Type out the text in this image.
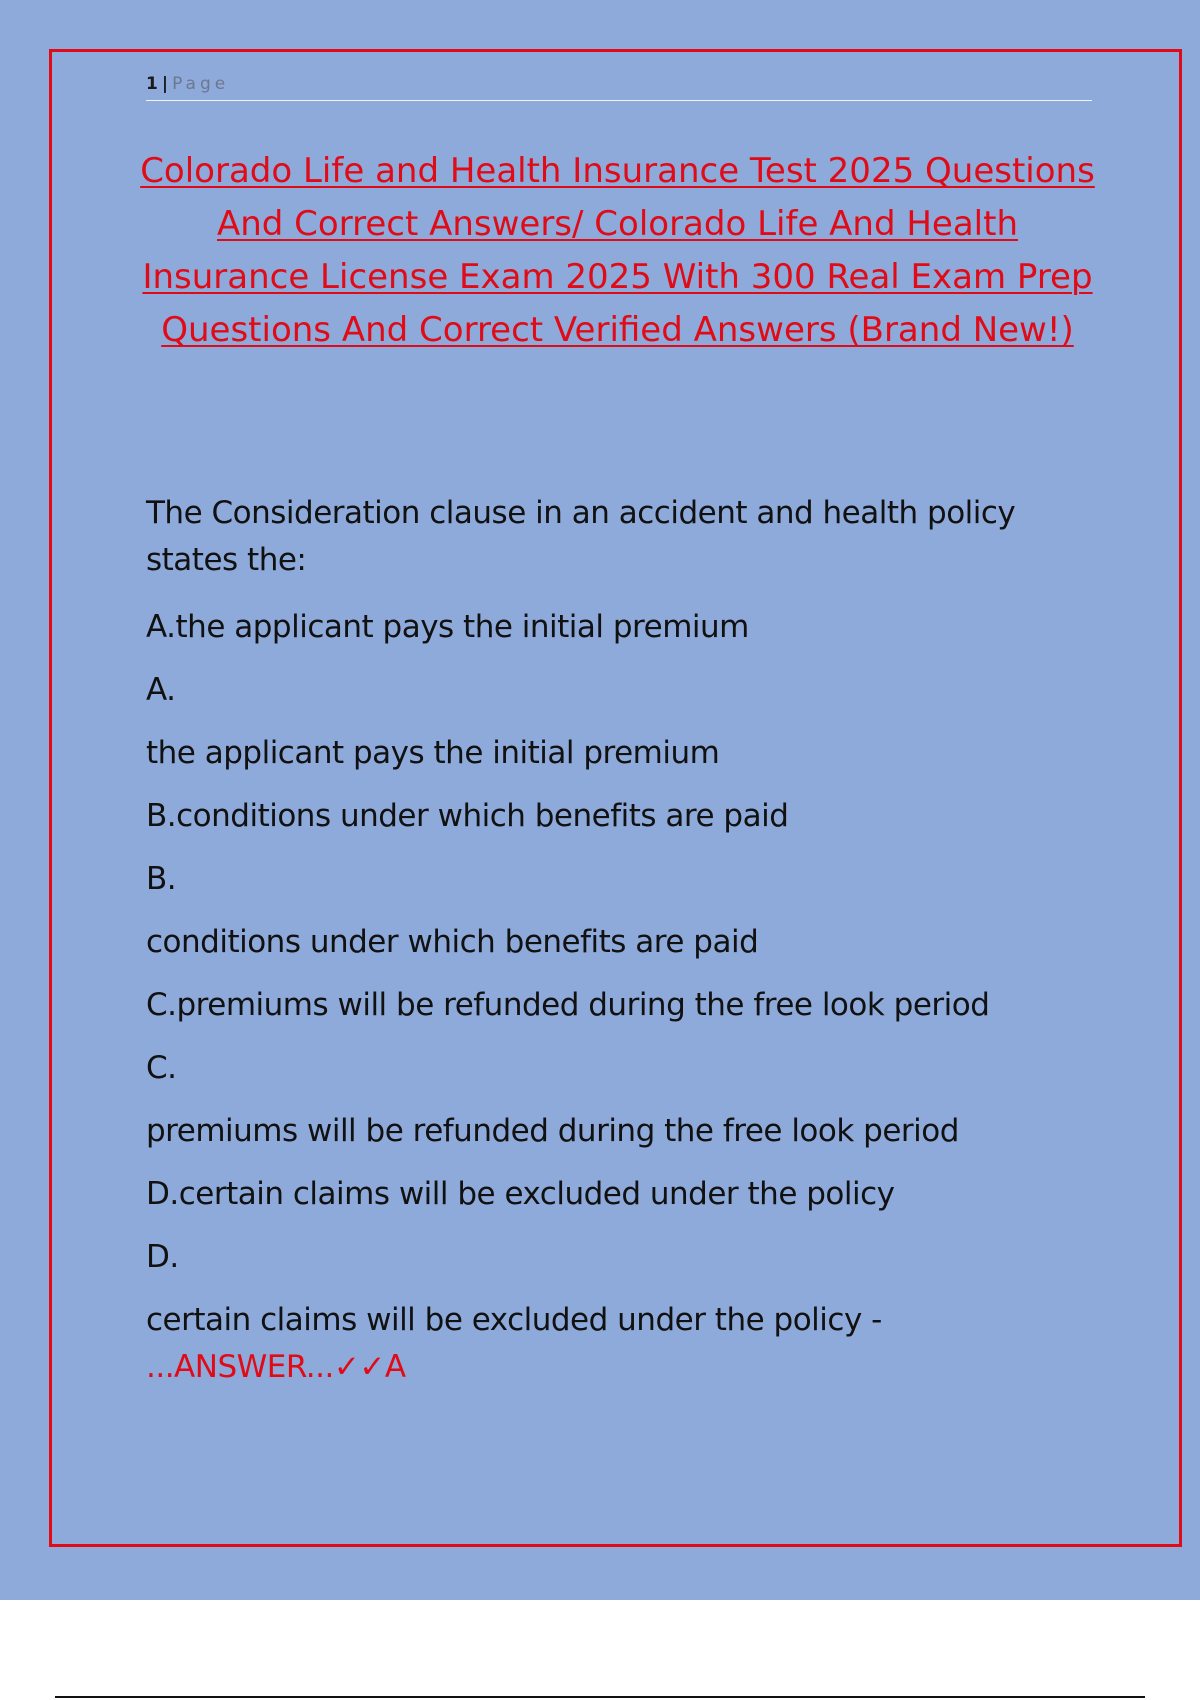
1 | Page
Colorado Life and Health Insurance Test 2025 Questions And Correct Answers/ Colorado Life And Health Insurance License Exam 2025 With 300 Real Exam Prep Questions And Correct Verified Answers (Brand New!)

The Consideration clause in an accident and health policy states the:

A.the applicant pays the initial premium

A.

the applicant pays the initial premium

B.conditions under which benefits are paid

B.

conditions under which benefits are paid

C.premiums will be refunded during the free look period

C.

premiums will be refunded during the free look period

D.certain claims will be excluded under the policy

D.

certain claims will be excluded under the policy -
...ANSWER...✓✓A
